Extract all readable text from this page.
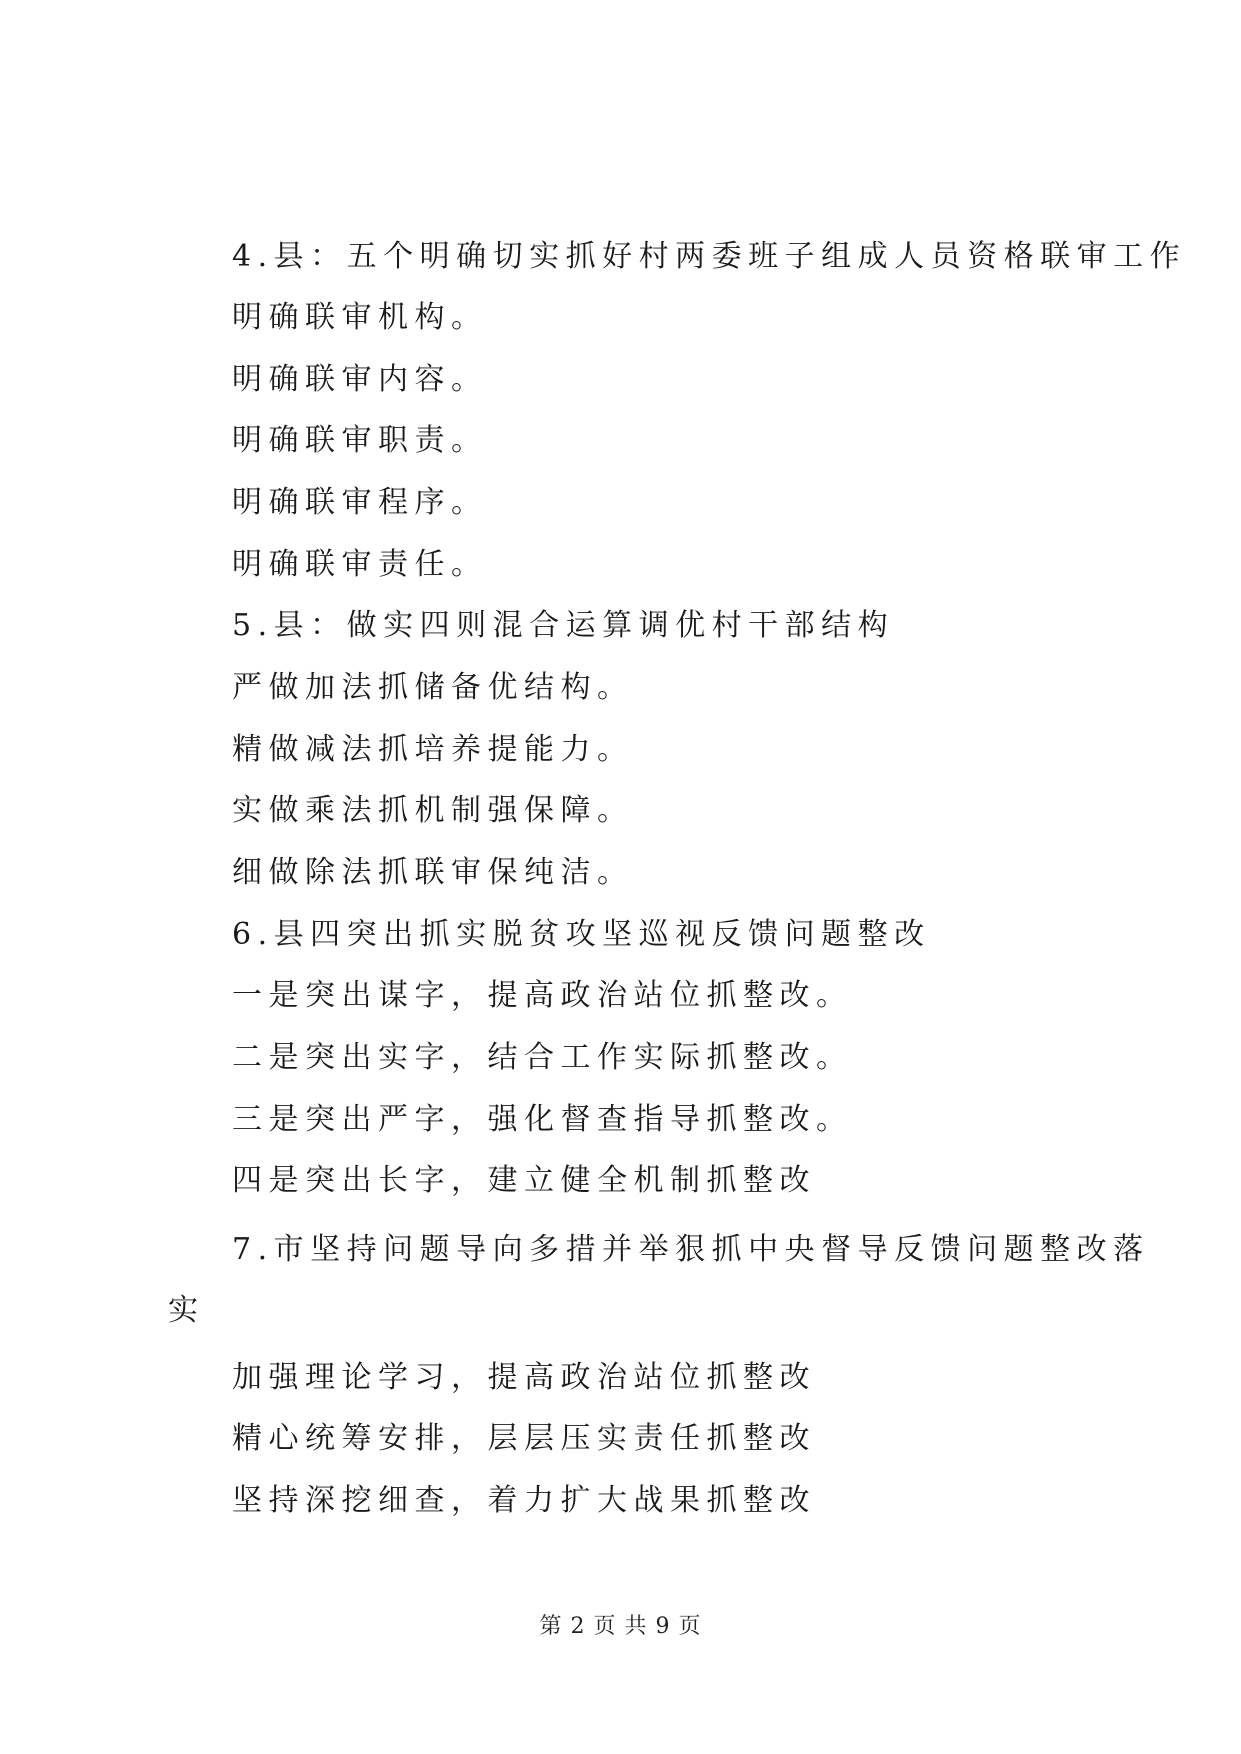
4.县：五个明确切实抓好村两委班子组成人员资格联审工作
明确联审机构。
明确联审内容。
明确联审职责。
明确联审程序。
明确联审责任。
5.县：做实四则混合运算调优村干部结构
严做加法抓储备优结构。
精做减法抓培养提能力。
实做乘法抓机制强保障。
细做除法抓联审保纯洁。
6.县四突出抓实脱贫攻坚巡视反馈问题整改
一是突出谋字，提高政治站位抓整改。
二是突出实字，结合工作实际抓整改。
三是突出严字，强化督查指导抓整改。
四是突出长字，建立健全机制抓整改
7.市坚持问题导向多措并举狠抓中央督导反馈问题整改落
实
加强理论学习，提高政治站位抓整改
精心统筹安排，层层压实责任抓整改
坚持深挖细查，着力扩大战果抓整改
第 2 页 共 9 页
